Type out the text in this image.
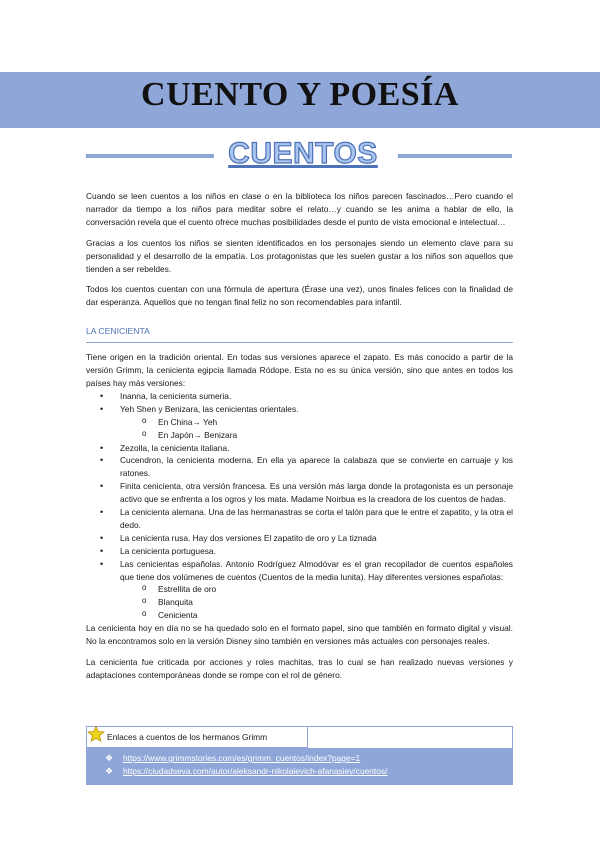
CUENTO Y POESÍA
CUENTOS

Cuando se leen cuentos a los niños en clase o en la biblioteca los niños parecen fascinados…Pero cuando el narrador da tiempo a los niños para meditar sobre el relato…y cuando se les anima a hablar de ello, la conversación revela que el cuento ofrece muchas posibilidades desde el punto de vista emocional e intelectual…

Gracias a los cuentos los niños se sienten identificados en los personajes siendo un elemento clave para su personalidad y el desarrollo de la empatía. Los protagonistas que les suelen gustar a los niños son aquellos que tienden a ser rebeldes.

Todos los cuentos cuentan con una fórmula de apertura (Érase una vez), unos finales felices con la finalidad de dar esperanza. Aquellos que no tengan final feliz no son recomendables para infantil.

LA CENICIENTA
Tiene origen en la tradición oriental. En todas sus versiones aparece el zapato. Es más conocido a partir de la versión Grimm, la cenicienta egipcia llamada Ródope. Esta no es su única versión, sino que antes en todos los países hay más versiones:
• Inanna, la cenicienta sumeria.
• Yeh Shen y Benizara, las cenicientas orientales.
o En China→ Yeh
o En Japón→ Benizara
• Zezolla, la cenicienta italiana.
• Cucendron, la cenicienta moderna. En ella ya aparece la calabaza que se convierte en carruaje y los ratones.
• Finita cenicienta, otra versión francesa. Es una versión más larga donde la protagonista es un personaje activo que se enfrenta a los ogros y los mata. Madame Noirbua es la creadora de los cuentos de hadas.
• La cenicienta alemana. Una de las hermanastras se corta el talón para que le entre el zapatito, y la otra el dedo.
• La cenicienta rusa. Hay dos versiones El zapatito de oro y La tiznada
• La cenicienta portuguesa.
• Las cenicientas españolas. Antonio Rodríguez Almodóvar es el gran recopilador de cuentos españoles que tiene dos volúmenes de cuentos (Cuentos de la media lunita). Hay diferentes versiones españolas:
o Estrellita de oro
o Blanquita
o Cenicienta

La cenicienta hoy en día no se ha quedado solo en el formato papel, sino que también en formato digital y visual. No la encontramos solo en la versión Disney sino también en versiones más actuales con personajes reales.

La cenicienta fue criticada por acciones y roles machitas, tras lo cual se han realizado nuevas versiones y adaptaciones contemporáneas donde se rompe con el rol de género.

Enlaces a cuentos de los hermanos Grimm
❖ https://www.grimmstories.com/es/grimm_cuentos/index?page=1
❖ https://ciudadseva.com/autor/aleksandr-nikolaievich-afanasiev/cuentos/
